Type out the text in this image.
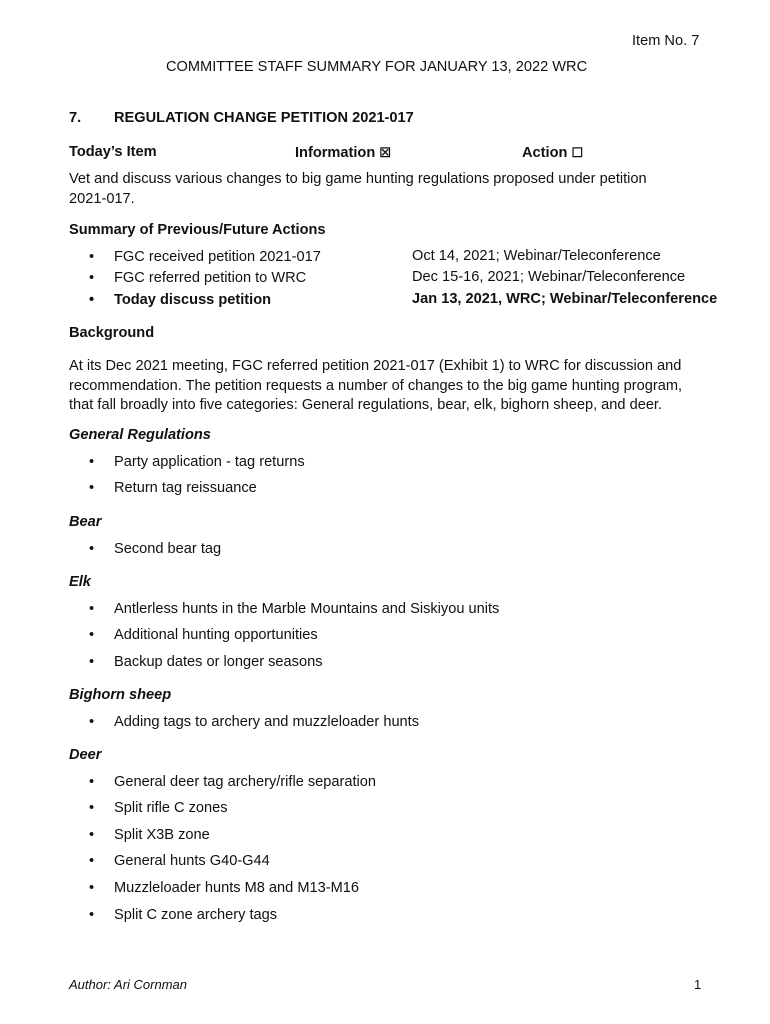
Item No. 7
COMMITTEE STAFF SUMMARY FOR JANUARY 13, 2022 WRC
7. REGULATION CHANGE PETITION 2021-017
Today’s Item	Information ☒	Action ☐
Vet and discuss various changes to big game hunting regulations proposed under petition 2021-017.
Summary of Previous/Future Actions
• FGC received petition 2021-017	Oct 14, 2021; Webinar/Teleconference
• FGC referred petition to WRC	Dec 15-16, 2021; Webinar/Teleconference
• Today discuss petition	Jan 13, 2021, WRC; Webinar/Teleconference
Background
At its Dec 2021 meeting, FGC referred petition 2021-017 (Exhibit 1) to WRC for discussion and recommendation. The petition requests a number of changes to the big game hunting program, that fall broadly into five categories: General regulations, bear, elk, bighorn sheep, and deer.
General Regulations
• Party application - tag returns
• Return tag reissuance
Bear
• Second bear tag
Elk
• Antlerless hunts in the Marble Mountains and Siskiyou units
• Additional hunting opportunities
• Backup dates or longer seasons
Bighorn sheep
• Adding tags to archery and muzzleloader hunts
Deer
• General deer tag archery/rifle separation
• Split rifle C zones
• Split X3B zone
• General hunts G40-G44
• Muzzleloader hunts M8 and M13-M16
• Split C zone archery tags
Author: Ari Cornman	1
